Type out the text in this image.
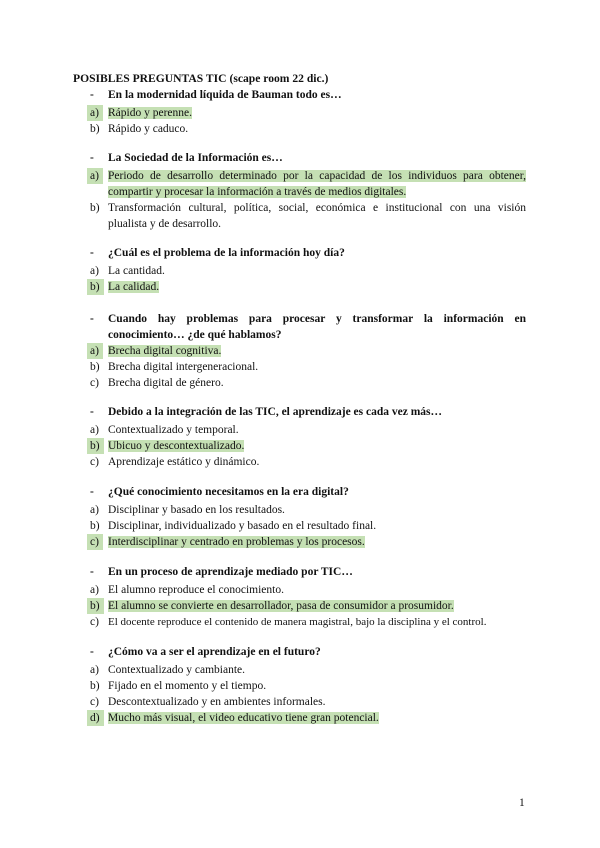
POSIBLES PREGUNTAS TIC (scape room 22 dic.)
- En la modernidad líquida de Bauman todo es…
a) Rápido y perenne.
b) Rápido y caduco.
- La Sociedad de la Información es…
a) Periodo de desarrollo determinado por la capacidad de los individuos para obtener, compartir y procesar la información a través de medios digitales.
b) Transformación cultural, política, social, económica e institucional con una visión plualista y de desarrollo.
- ¿Cuál es el problema de la información hoy día?
a) La cantidad.
b) La calidad.
- Cuando hay problemas para procesar y transformar la información en conocimiento… ¿de qué hablamos?
a) Brecha digital cognitiva.
b) Brecha digital intergeneracional.
c) Brecha digital de género.
- Debido a la integración de las TIC, el aprendizaje es cada vez más…
a) Contextualizado y temporal.
b) Ubicuo y descontextualizado.
c) Aprendizaje estático y dinámico.
- ¿Qué conocimiento necesitamos en la era digital?
a) Disciplinar y basado en los resultados.
b) Disciplinar, individualizado y basado en el resultado final.
c) Interdisciplinar y centrado en problemas y los procesos.
- En un proceso de aprendizaje mediado por TIC…
a) El alumno reproduce el conocimiento.
b) El alumno se convierte en desarrollador, pasa de consumidor a prosumidor.
c) El docente reproduce el contenido de manera magistral, bajo la disciplina y el control.
- ¿Cómo va a ser el aprendizaje en el futuro?
a) Contextualizado y cambiante.
b) Fijado en el momento y el tiempo.
c) Descontextualizado y en ambientes informales.
d) Mucho más visual, el video educativo tiene gran potencial.
1
